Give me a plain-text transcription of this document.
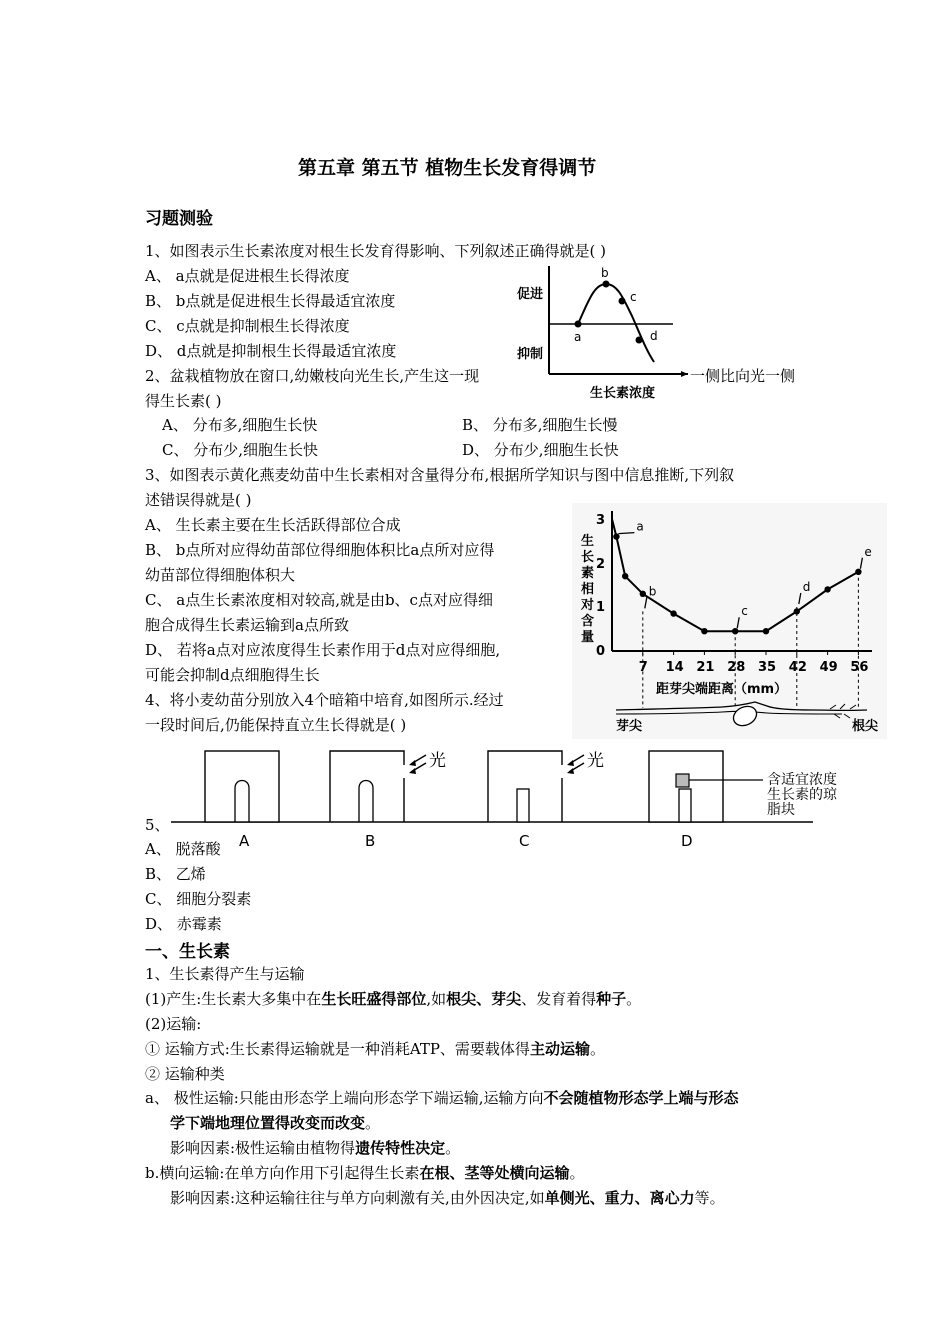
第五章 第五节 植物生长发育得调节
习题测验
1、如图表示生长素浓度对根生长发育得影响、下列叙述正确得就是( )
A、 a点就是促进根生长得浓度
B、 b点就是促进根生长得最适宜浓度
C、 c点就是抑制根生长得浓度
D、 d点就是抑制根生长得最适宜浓度
a
b
c
d
促进
抑制
生长素浓度
2、盆栽植物放在窗口,幼嫩枝向光生长,产生这一现	一侧比向光一侧
得生长素( )
A、 分布多,细胞生长快	B、 分布多,细胞生长慢
C、 分布少,细胞生长快	D、 分布少,细胞生长快
3、如图表示黄化燕麦幼苗中生长素相对含量得分布,根据所学知识与图中信息推断,下列叙
述错误得就是( )
A、 生长素主要在生长活跃得部位合成
B、 b点所对应得幼苗部位得细胞体积比a点所对应得
幼苗部位得细胞体积大
C、 a点生长素浓度相对较高,就是由b、c点对应得细
胞合成得生长素运输到a点所致
D、 若将a点对应浓度得生长素作用于d点对应得细胞,
可能会抑制d点细胞得生长
生
长
素
相
对
含
量
3
2
1
0
7 14 21 28 35 42 49 56
a
b
c
d
e
距芽尖端距离（mm）
芽尖	根尖
4、将小麦幼苗分别放入4个暗箱中培育,如图所示.经过
一段时间后,仍能保持直立生长得就是( )
5、
A、 脱落酸
光	光
含适宜浓度
生长素的琼
脂块
A	B	C	D
B、 乙烯
C、 细胞分裂素
D、 赤霉素
一、生长素
1、生长素得产生与运输
(1)产生:生长素大多集中在生长旺盛得部位,如根尖、芽尖、发育着得种子。
(2)运输:
① 运输方式:生长素得运输就是一种消耗ATP、需要载体得主动运输。
② 运输种类
a、 极性运输:只能由形态学上端向形态学下端运输,运输方向不会随植物形态学上端与形态
学下端地理位置得改变而改变。
影响因素:极性运输由植物得遗传特性决定。
b.横向运输:在单方向作用下引起得生长素在根、茎等处横向运输。
影响因素:这种运输往往与单方向刺激有关,由外因决定,如单侧光、重力、离心力等。
